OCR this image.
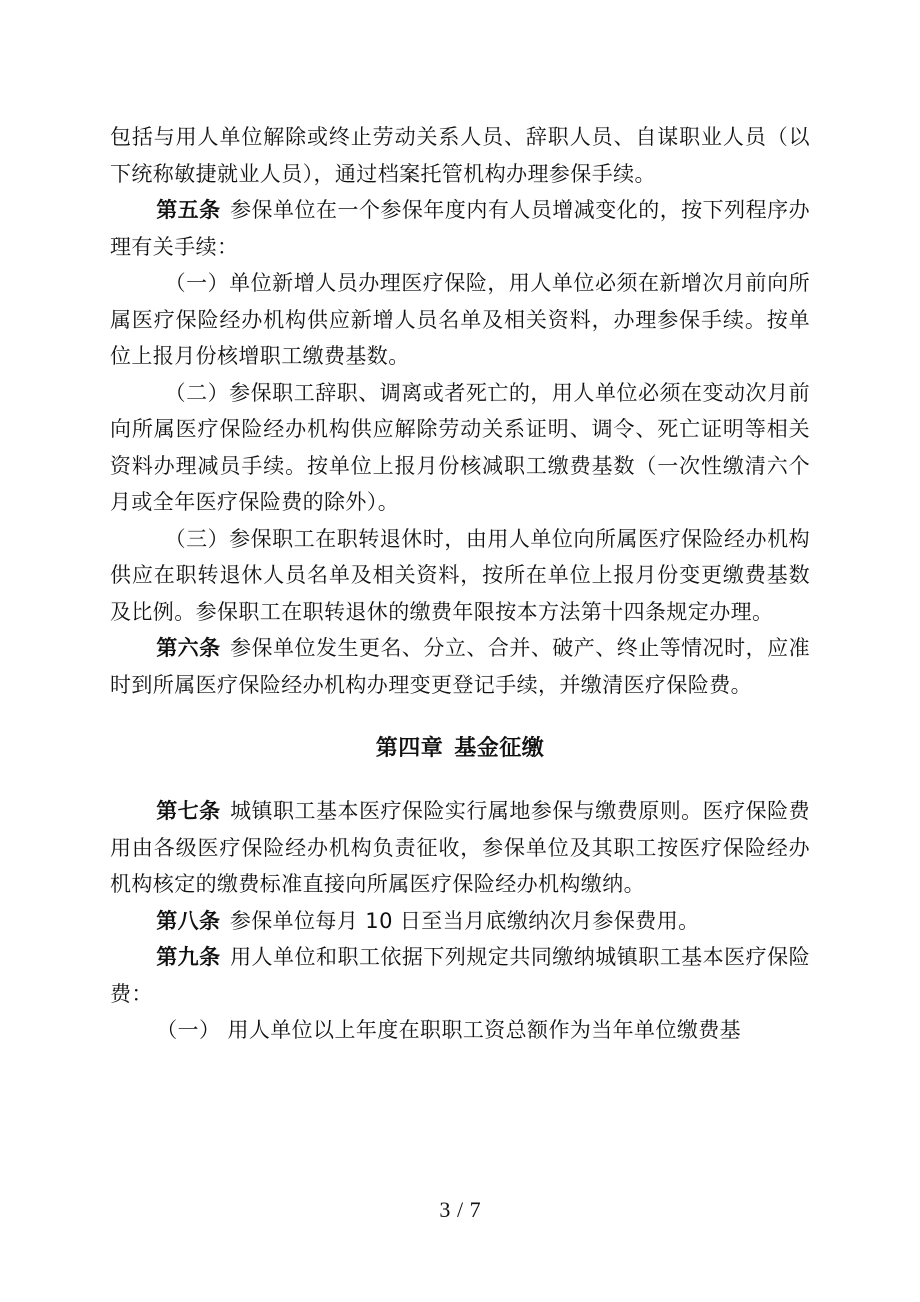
包括与用人单位解除或终止劳动关系人员、辞职人员、自谋职业人员（以下统称敏捷就业人员），通过档案托管机构办理参保手续。

第五条 参保单位在一个参保年度内有人员增减变化的，按下列程序办理有关手续：

（一）单位新增人员办理医疗保险，用人单位必须在新增次月前向所属医疗保险经办机构供应新增人员名单及相关资料，办理参保手续。按单位上报月份核增职工缴费基数。

（二）参保职工辞职、调离或者死亡的，用人单位必须在变动次月前向所属医疗保险经办机构供应解除劳动关系证明、调令、死亡证明等相关资料办理减员手续。按单位上报月份核减职工缴费基数（一次性缴清六个月或全年医疗保险费的除外）。

（三）参保职工在职转退休时，由用人单位向所属医疗保险经办机构供应在职转退休人员名单及相关资料，按所在单位上报月份变更缴费基数及比例。参保职工在职转退休的缴费年限按本方法第十四条规定办理。

第六条 参保单位发生更名、分立、合并、破产、终止等情况时，应准时到所属医疗保险经办机构办理变更登记手续，并缴清医疗保险费。

第四章 基金征缴

第七条 城镇职工基本医疗保险实行属地参保与缴费原则。医疗保险费用由各级医疗保险经办机构负责征收，参保单位及其职工按医疗保险经办机构核定的缴费标准直接向所属医疗保险经办机构缴纳。

第八条 参保单位每月 10 日至当月底缴纳次月参保费用。

第九条 用人单位和职工依据下列规定共同缴纳城镇职工基本医疗保险费：

（一） 用人单位以上年度在职职工资总额作为当年单位缴费基

3 / 7
